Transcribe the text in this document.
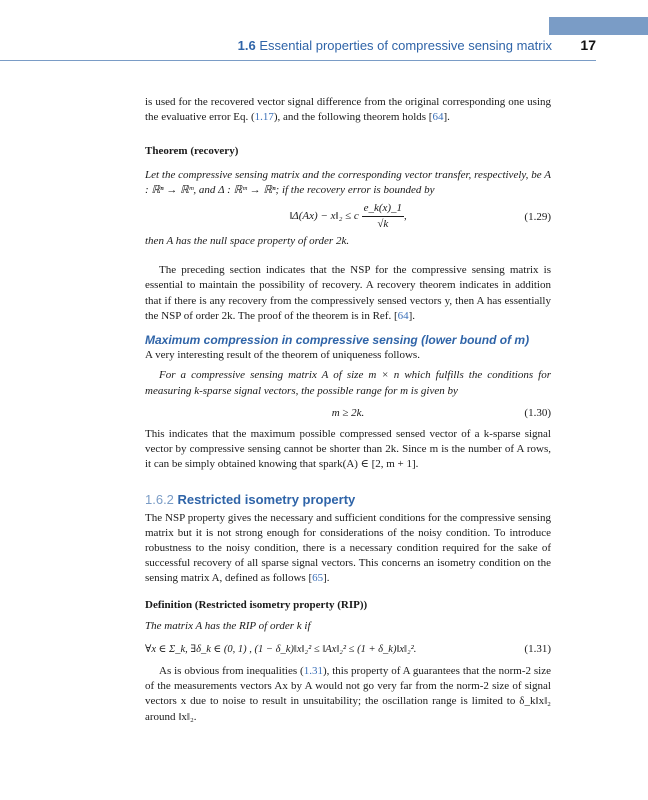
1.6 Essential properties of compressive sensing matrix 17

is used for the recovered vector signal difference from the original corresponding one using the evaluative error Eq. (1.17), and the following theorem holds [64].

Theorem (recovery)

Let the compressive sensing matrix and the corresponding vector transfer, respectively, be A : ℝⁿ → ℝᵐ, and Δ : ℝᵐ → ℝⁿ; if the recovery error is bounded by

‖Δ(Ax) − x‖₂ ≤ c $\frac{e\_k(x)\_1}{√k}$ ,	(1.29)

then A has the null space property of order 2k.

The preceding section indicates that the NSP for the compressive sensing matrix is essential to maintain the possibility of recovery. A recovery theorem indicates in addition that if there is any recovery from the compressively sensed vectors y, then A has essentially the NSP of order 2k. The proof of the theorem is in Ref. [64].

Maximum compression in compressive sensing (lower bound of m)

A very interesting result of the theorem of uniqueness follows.

For a compressive sensing matrix A of size m × n which fulfills the conditions for measuring k-sparse signal vectors, the possible range for m is given by

m ≥ 2k.	(1.30)

This indicates that the maximum possible compressed sensed vector of a k-sparse signal vector by compressive sensing cannot be shorter than 2k. Since m is the number of A rows, it can be simply obtained knowing that spark(A) ∈ [2, m + 1].

1.6.2 Restricted isometry property

The NSP property gives the necessary and sufficient conditions for the compressive sensing matrix but it is not strong enough for considerations of the noisy condition. To introduce robustness to the noisy condition, there is a necessary condition required for the sake of successful recovery of all sparse signal vectors. This concerns an isometry condition on the sensing matrix A, defined as follows [65].

Definition (Restricted isometry property (RIP))

The matrix A has the RIP of order k if

∀x ∈ Σ_k, ∃δ_k ∈ (0, 1) , (1 − δ_k)‖x‖₂² ≤ ‖Ax‖₂² ≤ (1 + δ_k)‖x‖₂².	(1.31)

As is obvious from inequalities (1.31), this property of A guarantees that the norm-2 size of the measurements vectors Ax by A would not go very far from the norm-2 size of signal vectors x due to noise to result in unsuitability; the oscillation range is limited to δ_k‖x‖₂ around ‖x‖₂.
